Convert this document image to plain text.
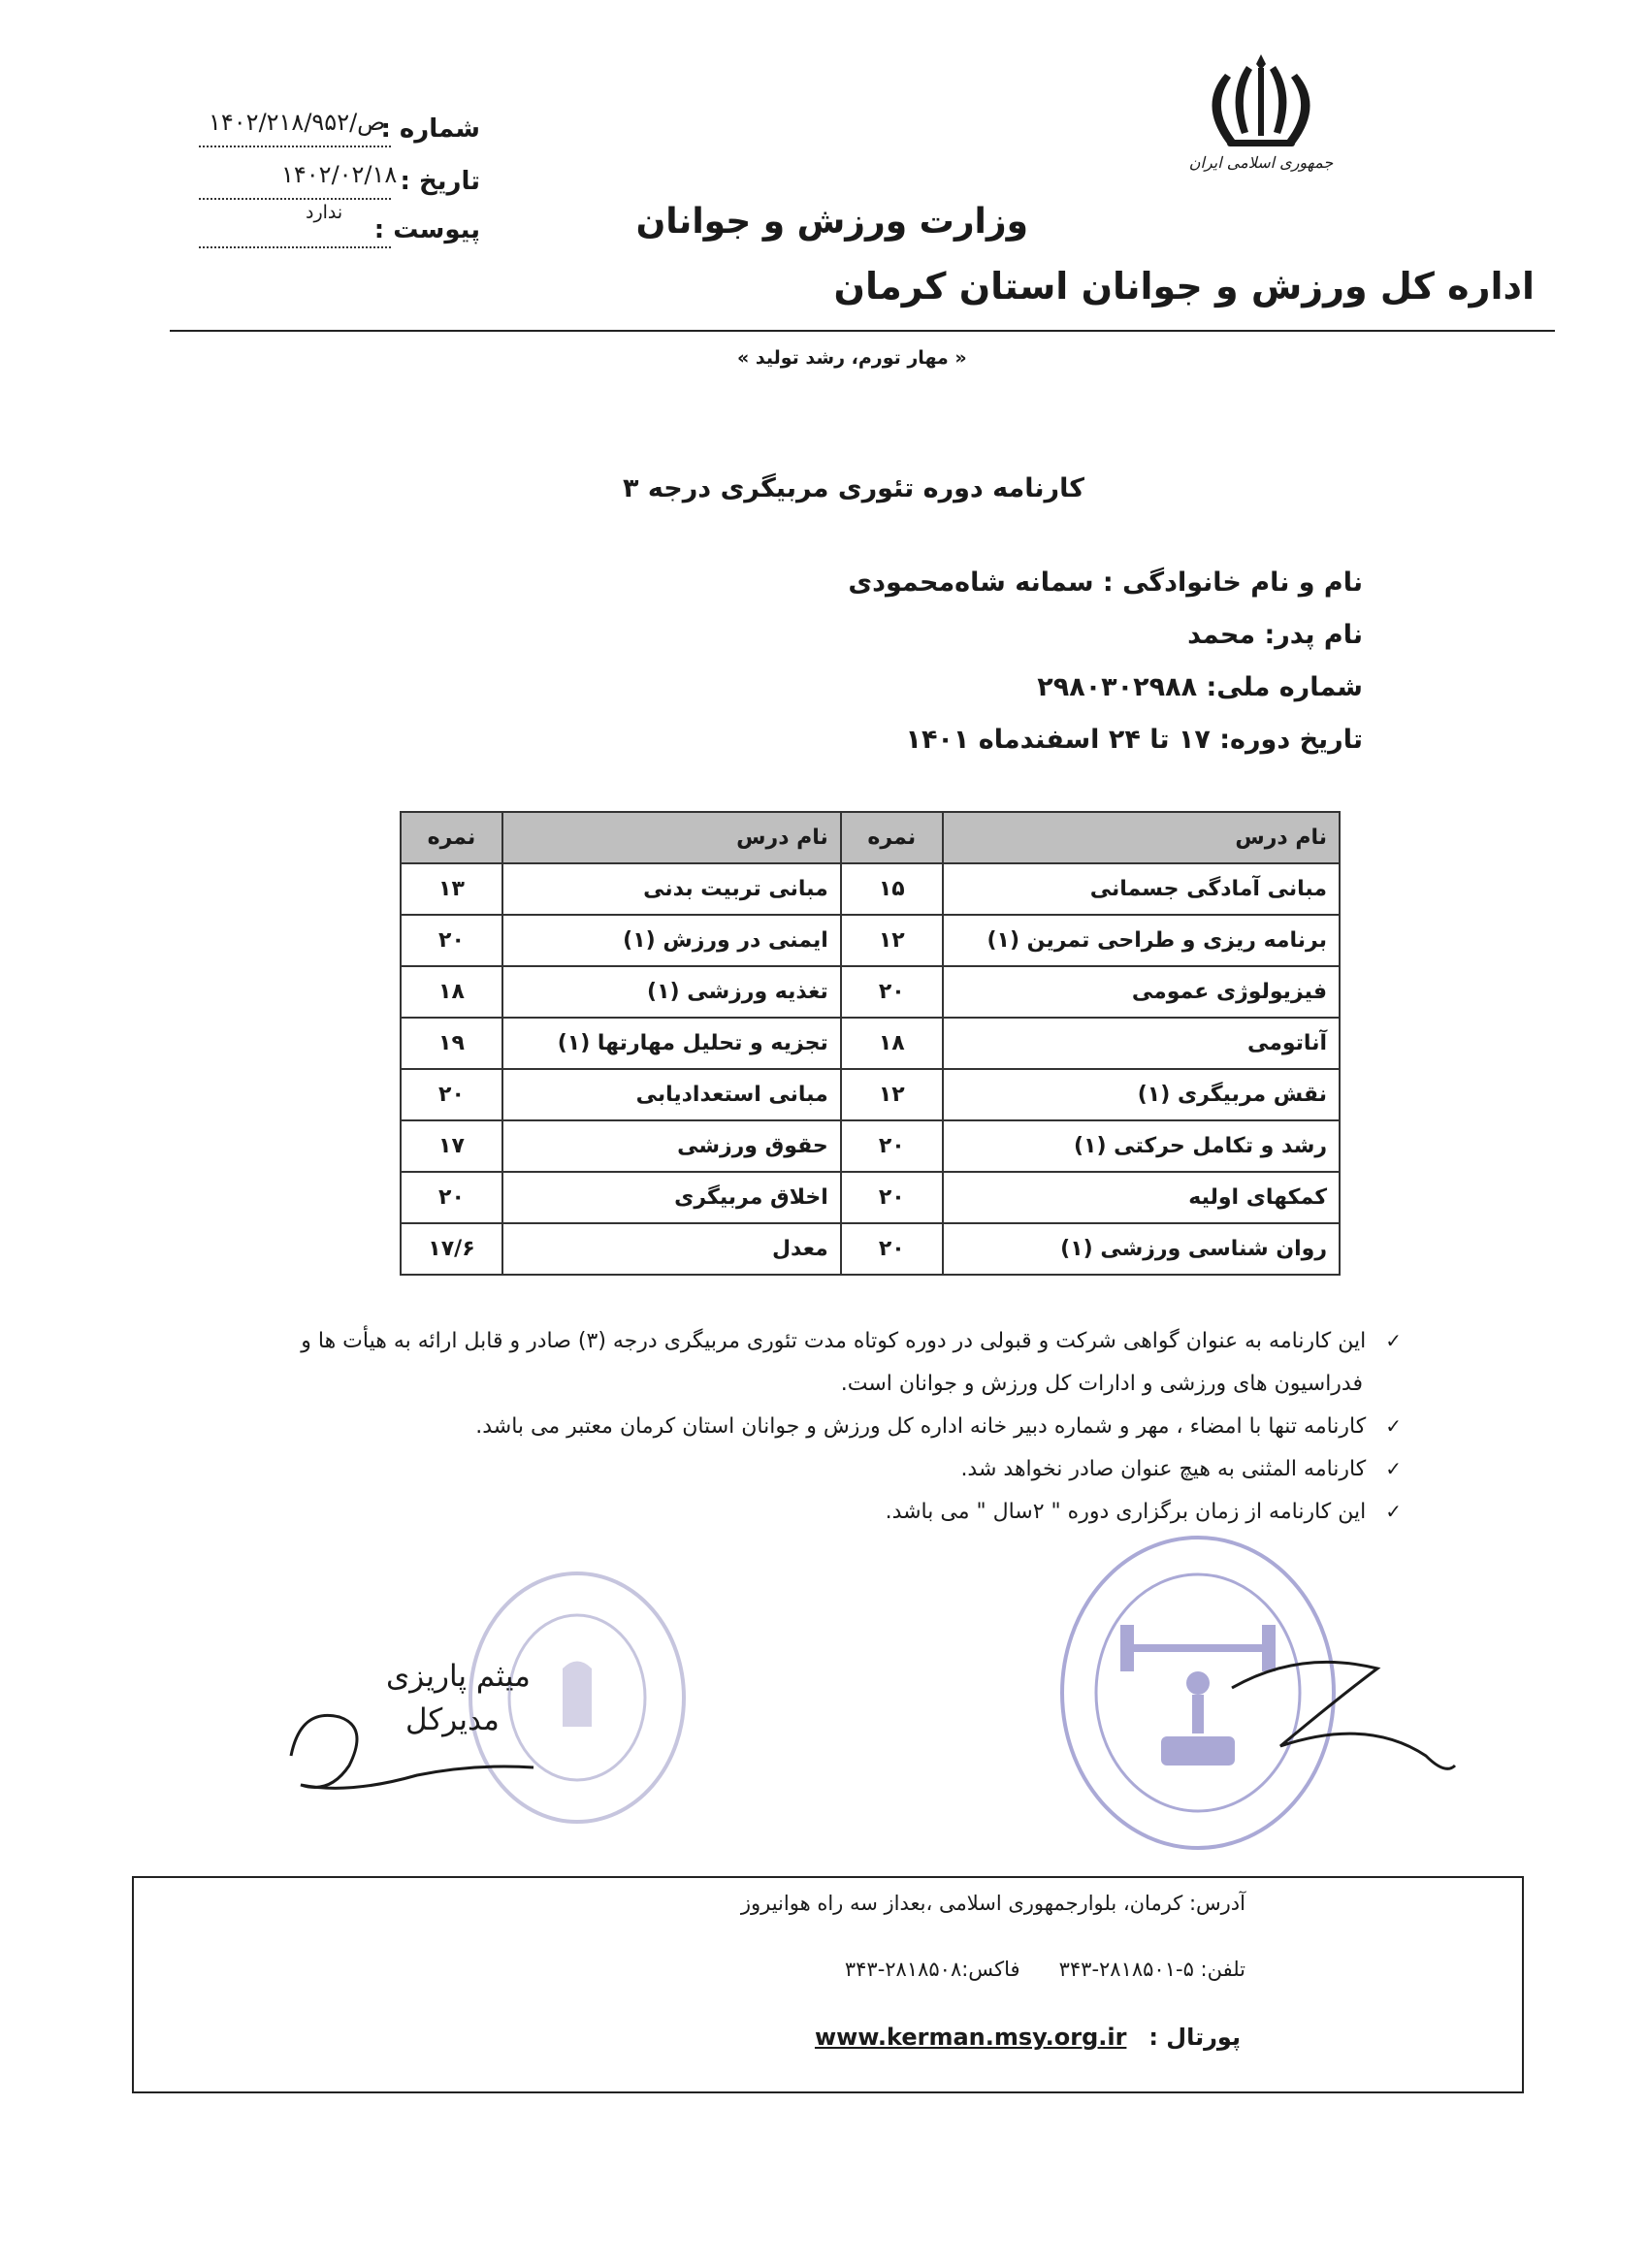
جمهوری اسلامی ایران
وزارت ورزش و جوانان
اداره کل ورزش و جوانان استان کرمان
شماره :
۱۴۰۲/۲۱۸/ص/۹۵۲
تاریخ :
۱۴۰۲/۰۲/۱۸
پیوست :
ندارد
« مهار تورم، رشد تولید »
کارنامه دوره تئوری مربیگری درجه ۳
نام و نام خانوادگی : سمانه شاه‌محمودی
نام پدر: محمد
شماره ملی: ۲۹۸۰۳۰۲۹۸۸
تاریخ دوره: ۱۷ تا ۲۴ اسفندماه ۱۴۰۱
نام درس	نمره	نام درس	نمره
مبانی آمادگی جسمانی	۱۵	مبانی تربیت بدنی	۱۳
برنامه ریزی و طراحی تمرین (۱)	۱۲	ایمنی در ورزش (۱)	۲۰
فیزیولوژی عمومی	۲۰	تغذیه ورزشی (۱)	۱۸
آناتومی	۱۸	تجزیه و تحلیل مهارتها (۱)	۱۹
نقش مربیگری (۱)	۱۲	مبانی استعدادیابی	۲۰
رشد و تکامل حرکتی (۱)	۲۰	حقوق ورزشی	۱۷
کمکهای اولیه	۲۰	اخلاق مربیگری	۲۰
روان شناسی ورزشی (۱)	۲۰	معدل	۱۷/۶
✓این کارنامه به عنوان گواهی شرکت و قبولی در دوره کوتاه مدت تئوری مربیگری درجه (۳) صادر و قابل ارائه به هیأت ها و
فدراسیون های ورزشی و ادارات کل ورزش و جوانان است.
✓کارنامه تنها با امضاء ، مهر و شماره دبیر خانه اداره کل ورزش و جوانان استان کرمان معتبر می باشد.
✓کارنامه المثنی به هیچ عنوان صادر نخواهد شد.
✓این کارنامه از زمان برگزاری دوره " ۲سال " می باشد.
میثم پاریزی
مدیرکل
آدرس: کرمان، بلوارجمهوری اسلامی ،بعداز سه راه هوانیروز
تلفن: ۵-۲۸۱۸۵۰۱-۳۴۳      فاکس:۲۸۱۸۵۰۸-۳۴۳
پورتال :   www.kerman.msy.org.ir
